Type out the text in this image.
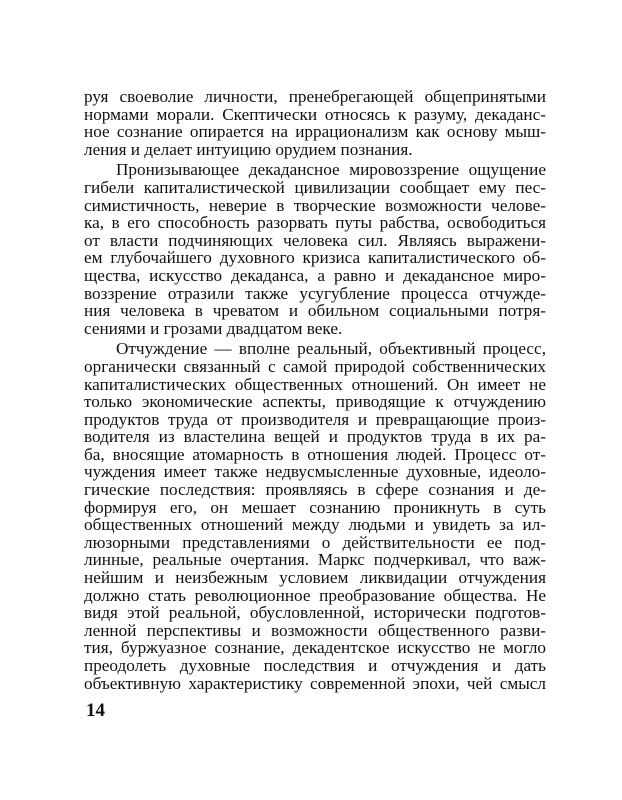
руя своеволие личности, пренебрегающей общепринятыми
нормами морали. Скептически относясь к разуму, декаданс-
ное сознание опирается на иррационализм как основу мыш-
ления и делает интуицию орудием познания.
Пронизывающее декадансное мировоззрение ощущение
гибели капиталистической цивилизации сообщает ему пес-
симистичность, неверие в творческие возможности челове-
ка, в его способность разорвать путы рабства, освободиться
от власти подчиняющих человека сил. Являясь выражени-
ем глубочайшего духовного кризиса капиталистического об-
щества, искусство декаданса, а равно и декадансное миро-
воззрение отразили также усугубление процесса отчужде-
ния человека в чреватом и обильном социальными потря-
сениями и грозами двадцатом веке.
Отчуждение — вполне реальный, объективный процесс,
органически связанный с самой природой собственнических
капиталистических общественных отношений. Он имеет не
только экономические аспекты, приводящие к отчуждению
продуктов труда от производителя и превращающие произ-
водителя из властелина вещей и продуктов труда в их ра-
ба, вносящие атомарность в отношения людей. Процесс от-
чуждения имеет также недвусмысленные духовные, идеоло-
гические последствия: проявляясь в сфере сознания и де-
формируя его, он мешает сознанию проникнуть в суть
общественных отношений между людьми и увидеть за ил-
люзорными представлениями о действительности ее под-
линные, реальные очертания. Маркс подчеркивал, что важ-
нейшим и неизбежным условием ликвидации отчуждения
должно стать революционное преобразование общества. Не
видя этой реальной, обусловленной, исторически подготов-
ленной перспективы и возможности общественного разви-
тия, буржуазное сознание, декадентское искусство не могло
преодолеть духовные последствия и отчуждения и дать
объективную характеристику современной эпохи, чей смысл
14
